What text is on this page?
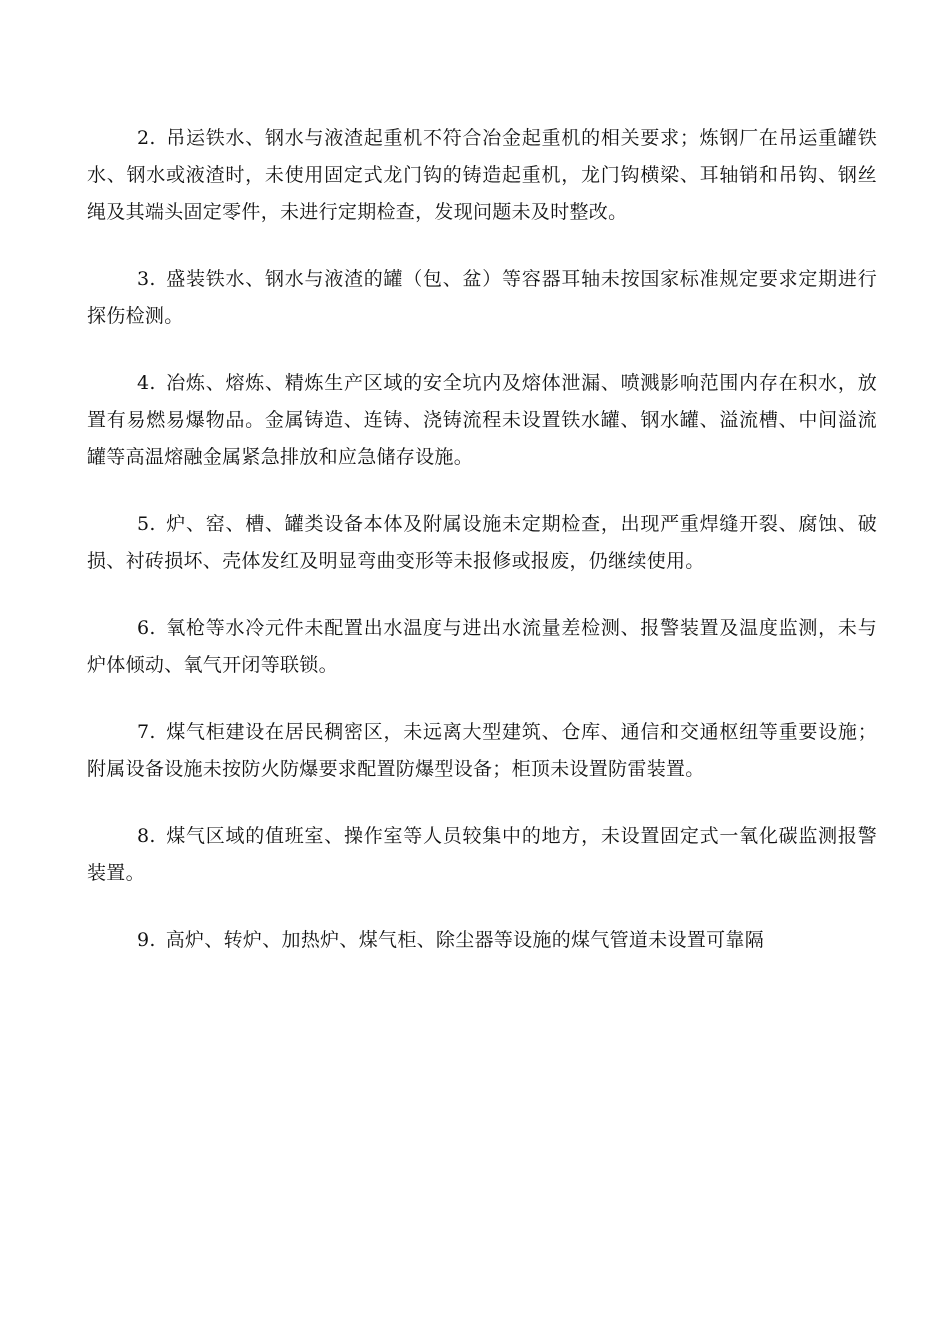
2. 吊运铁水、钢水与液渣起重机不符合冶金起重机的相关要求；炼钢厂在吊运重罐铁水、钢水或液渣时，未使用固定式龙门钩的铸造起重机，龙门钩横梁、耳轴销和吊钩、钢丝绳及其端头固定零件，未进行定期检查，发现问题未及时整改。

3. 盛装铁水、钢水与液渣的罐（包、盆）等容器耳轴未按国家标准规定要求定期进行探伤检测。

4. 冶炼、熔炼、精炼生产区域的安全坑内及熔体泄漏、喷溅影响范围内存在积水，放置有易燃易爆物品。金属铸造、连铸、浇铸流程未设置铁水罐、钢水罐、溢流槽、中间溢流罐等高温熔融金属紧急排放和应急储存设施。

5. 炉、窑、槽、罐类设备本体及附属设施未定期检查，出现严重焊缝开裂、腐蚀、破损、衬砖损坏、壳体发红及明显弯曲变形等未报修或报废，仍继续使用。

6. 氧枪等水冷元件未配置出水温度与进出水流量差检测、报警装置及温度监测，未与炉体倾动、氧气开闭等联锁。

7. 煤气柜建设在居民稠密区，未远离大型建筑、仓库、通信和交通枢纽等重要设施；附属设备设施未按防火防爆要求配置防爆型设备；柜顶未设置防雷装置。

8. 煤气区域的值班室、操作室等人员较集中的地方，未设置固定式一氧化碳监测报警装置。

9. 高炉、转炉、加热炉、煤气柜、除尘器等设施的煤气管道未设置可靠隔
